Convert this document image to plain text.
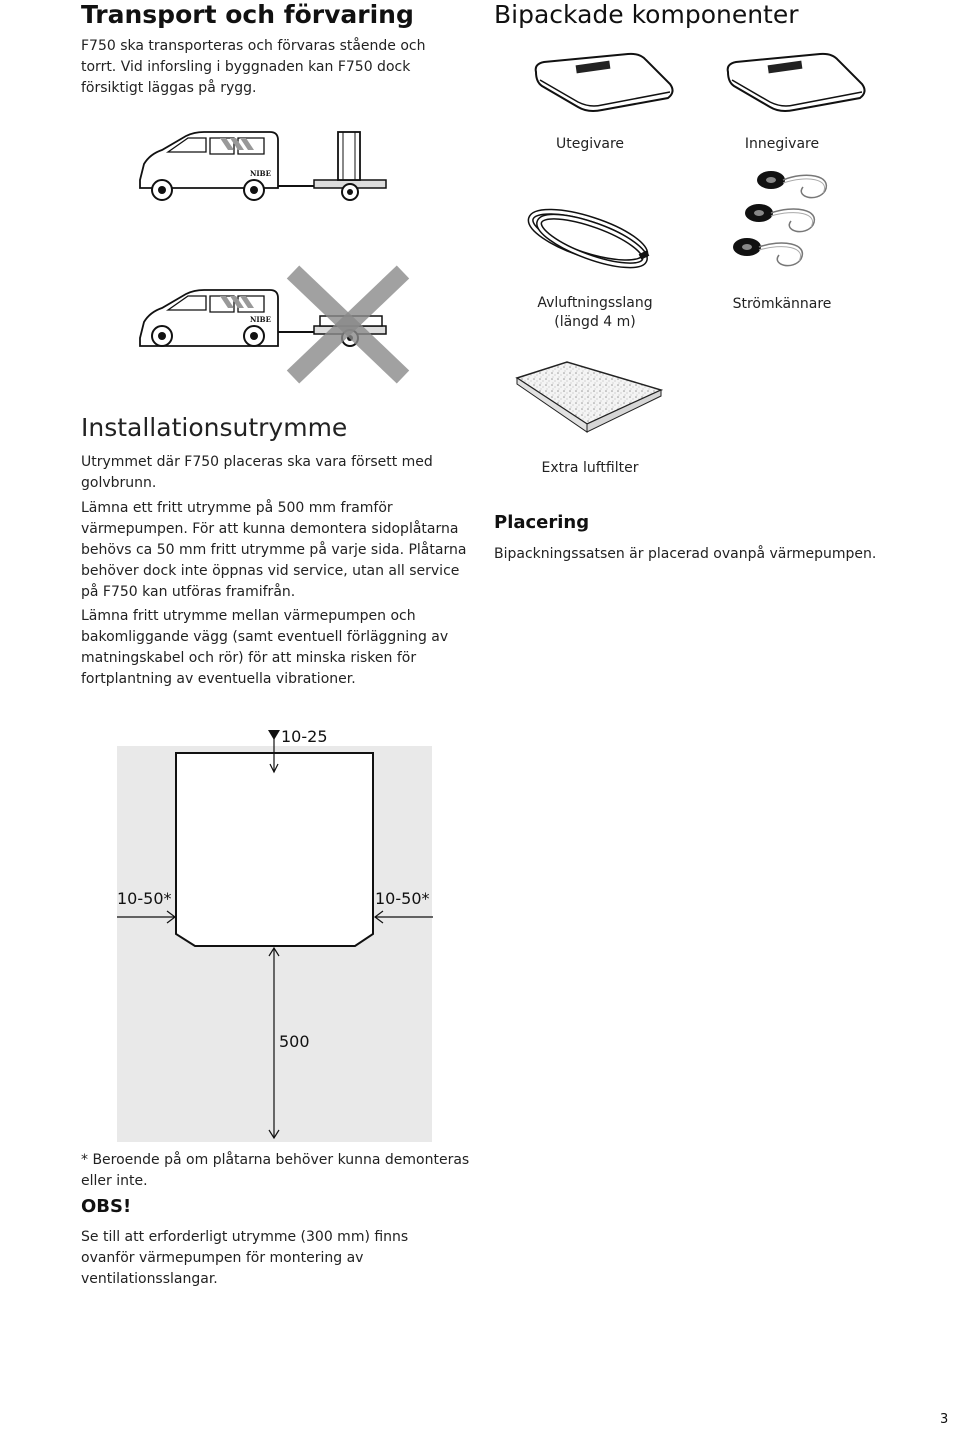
Transport och förvaring

F750 ska transporteras och förvaras stående och torrt. Vid inforsling i byggnaden kan F750 dock försiktigt läggas på rygg.

Bipackade komponenter
Utegivare	Innegivare
Avluftningsslang
(längd 4 m)
Strömkännare
Extra luftfilter
Placering

Bipackningssatsen är placerad ovanpå värmepumpen.

NIBE
NIBE
Installationsutrymme

Utrymmet där F750 placeras ska vara försett med golvbrunn.

Lämna ett fritt utrymme på 500 mm framför värmepumpen. För att kunna demontera sidoplåtarna behövs ca 50 mm fritt utrymme på varje sida. Plåtarna behöver dock inte öppnas vid service, utan all service på F750 kan utföras framifrån.

Lämna fritt utrymme mellan värmepumpen och bakomliggande vägg (samt eventuell förläggning av matningskabel och rör) för att minska risken för fortplantning av eventuella vibrationer.

10-25
10-50*	10-50*
500

* Beroende på om plåtarna behöver kunna demonteras eller inte.

OBS!

Se till att erforderligt utrymme (300 mm) finns ovanför värmepumpen för montering av ventilationsslangar.

3
